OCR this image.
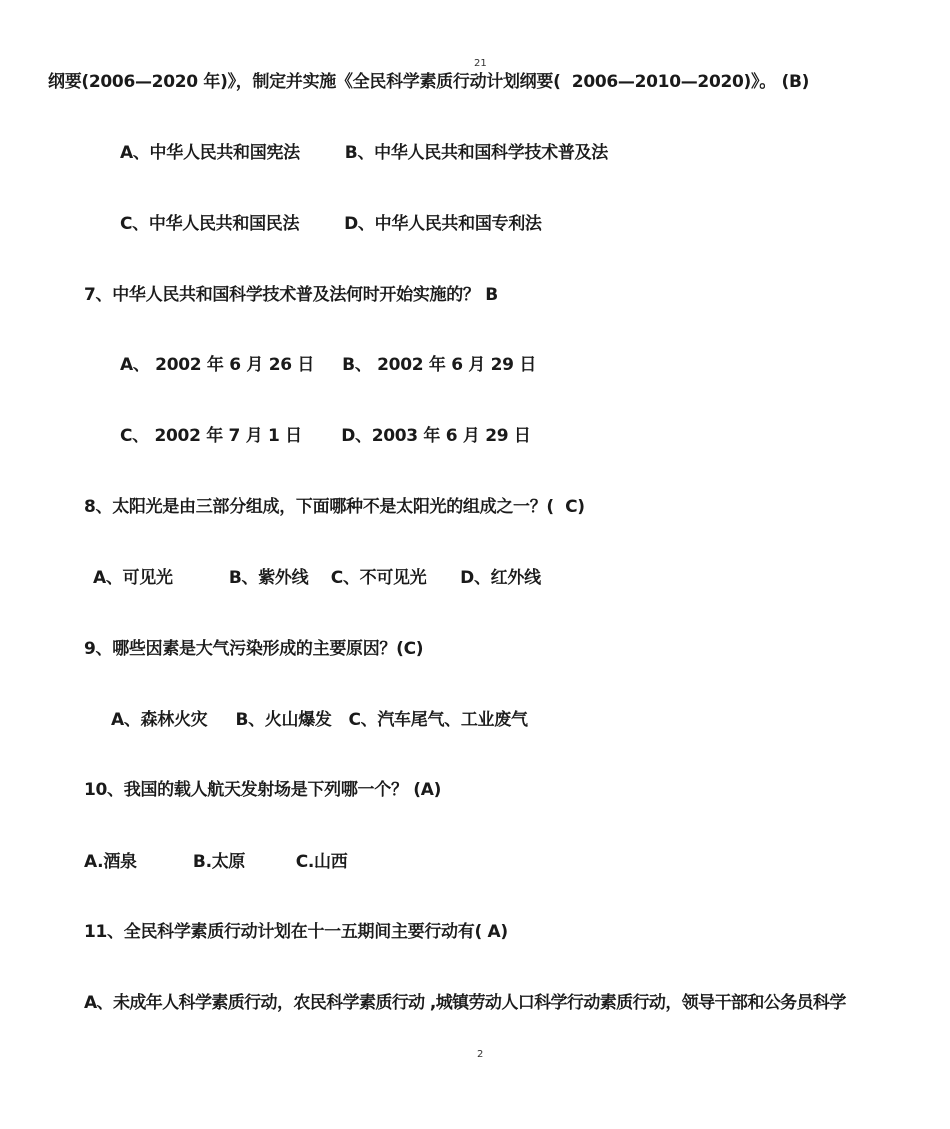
21
纲要(2006—2020 年)》，制定并实施《全民科学素质行动计划纲要(  2006—2010—2020)》。 (B)
A、中华人民共和国宪法        B、中华人民共和国科学技术普及法
C、中华人民共和国民法        D、中华人民共和国专利法
7、中华人民共和国科学技术普及法何时开始实施的？ B
A、 2002 年 6 月 26 日     B、 2002 年 6 月 29 日
C、 2002 年 7 月 1 日       D、2003 年 6 月 29 日
8、太阳光是由三部分组成，下面哪种不是太阳光的组成之一？(  C)
A、可见光          B、紫外线    C、不可见光      D、红外线
9、哪些因素是大气污染形成的主要原因？(C)
A、森林火灾     B、火山爆发   C、汽车尾气、工业废气
10、我国的载人航天发射场是下列哪一个？ (A)
A.酒泉          B.太原         C.山西
11、全民科学素质行动计划在十一五期间主要行动有( A)
A、未成年人科学素质行动，农民科学素质行动 ,城镇劳动人口科学行动素质行动，领导干部和公务员科学
2
